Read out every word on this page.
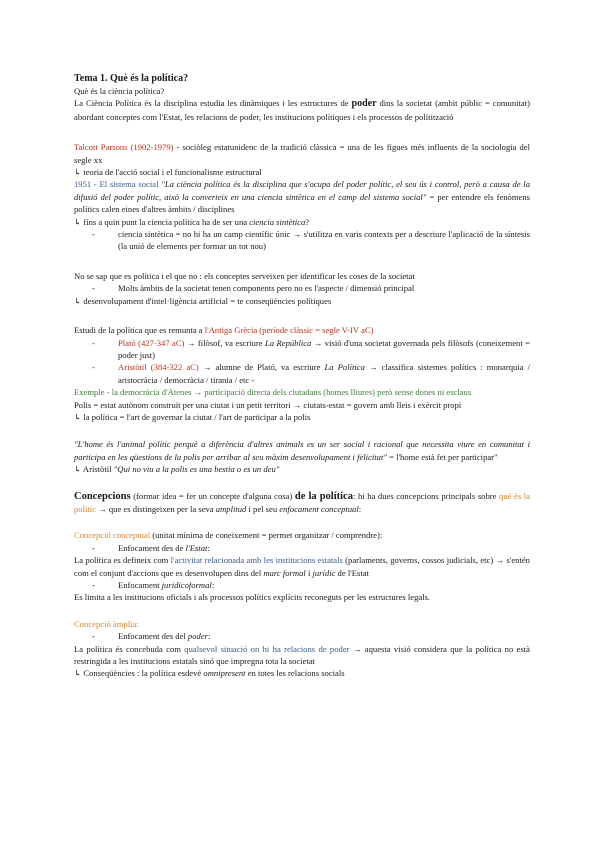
Tema 1. Què és la política?

Què és la ciència política?

La Ciència Política és la disciplina estudia les dinàmiques i les estructures de poder dins la societat (ambit públic = comunitat) abordant conceptes com l'Estat, les relacions de poder, les institucions polítiques i els processos de polítització

Talcott Parsons (1902-1979) - sociòleg estatunidenc de la tradició clàssica = una de les figues més influents de la sociologia del segle xx

↳ teoria de l'acció social i el funcionalisme estructural

1951 - El sistema social "La ciència política és la disciplina que s'ocupa del poder polític, el seu ús i control, però a causa de la difusió del poder polític, això la converteix en una ciencia sintètica en el camp del sistema social" = per entendre els fenòmens polítics calen eines d'altres àmbits / disciplines

↳ fins a quin punt la ciencia política ha de ser una ciencia sintètica?

-	ciencia sintètica = no hi ha un camp científic únic → s'utilitza en varis contexts per a descriure l'aplicació de la síntesis (la unió de elements per formar un tot nou)

No se sap que es política i el que no : els conceptes serveixen per identificar les coses de la societat

-	Molts àmbits de la societat tenen components pero no es l'aspecte / dimensió principal

↳ desenvolupament d'intel·ligència artificial = te conseqüències polítiques

Estudi de la política que es remunta a l'Antiga Grècia (període clàssic = segle V-IV aC)

-	Plató (427-347 aC) → filòsof, va escriure La República → visió d'una societat governada pels filòsofs (coneixement = poder just)
-	Aristòtil (384-322 aC) → alumne de Plató, va escriure La Política → classifica sistemes polítics : monarquia / aristocràcia / democràcia / tirania / etc -

Exemple - la democràcia d'Atenes → participació directa dels ciutadans (homes lliures) però sense dones ni esclaus

Polis = estat autònom construït per una ciutat i un petit territori → ciutats-estat = govern amb lleis i exèrcit propi

↳ la política = l'art de governar la ciutat / l'art de participar a la polis

"L'home és l'animal polític perquè a diferència d'altres animals es un ser social i racional que necessita viure en comunitat i participa en les qüestions de la polis per arribar al seu màxim desenvolupament i felicitat" = l'home està fet per participar"

↳ Aristòtil "Qui no viu a la polis es una bestia o es un deu"

Concepcions (formar idea = fer un concepte d'alguna cosa) de la política: hi ha dues concepcions principals sobre què és la polític → que es distingeixen per la seva amplitud i pel seu enfocament conceptual:

Concepció conceptual (unitat mínima de coneixement = permet organitzar / comprendre):

-	Enfocament des de l'Estat:

La política es defineix com l'activitat relacionada amb les institucions estatals (parlaments, governs, cossos judicials, etc) → s'entén com el conjunt d'accions que es desenvolupen dins del marc formal i jurídic de l'Estat

-	Enfocament juridicoformal:

Es limita a les institucions oficials i als processos polítics explícits reconeguts per les estructures legals.

Concepció àmplia:

-	Enfocament des del poder:

La política és concebuda com qualsevol situació on hi ha relacions de poder → aquesta visió considera que la política no està restringida a les institucions estatals sinó que impregna tota la societat

↳ Conseqüències : la política esdevé omnipresent en totes les relacions socials
